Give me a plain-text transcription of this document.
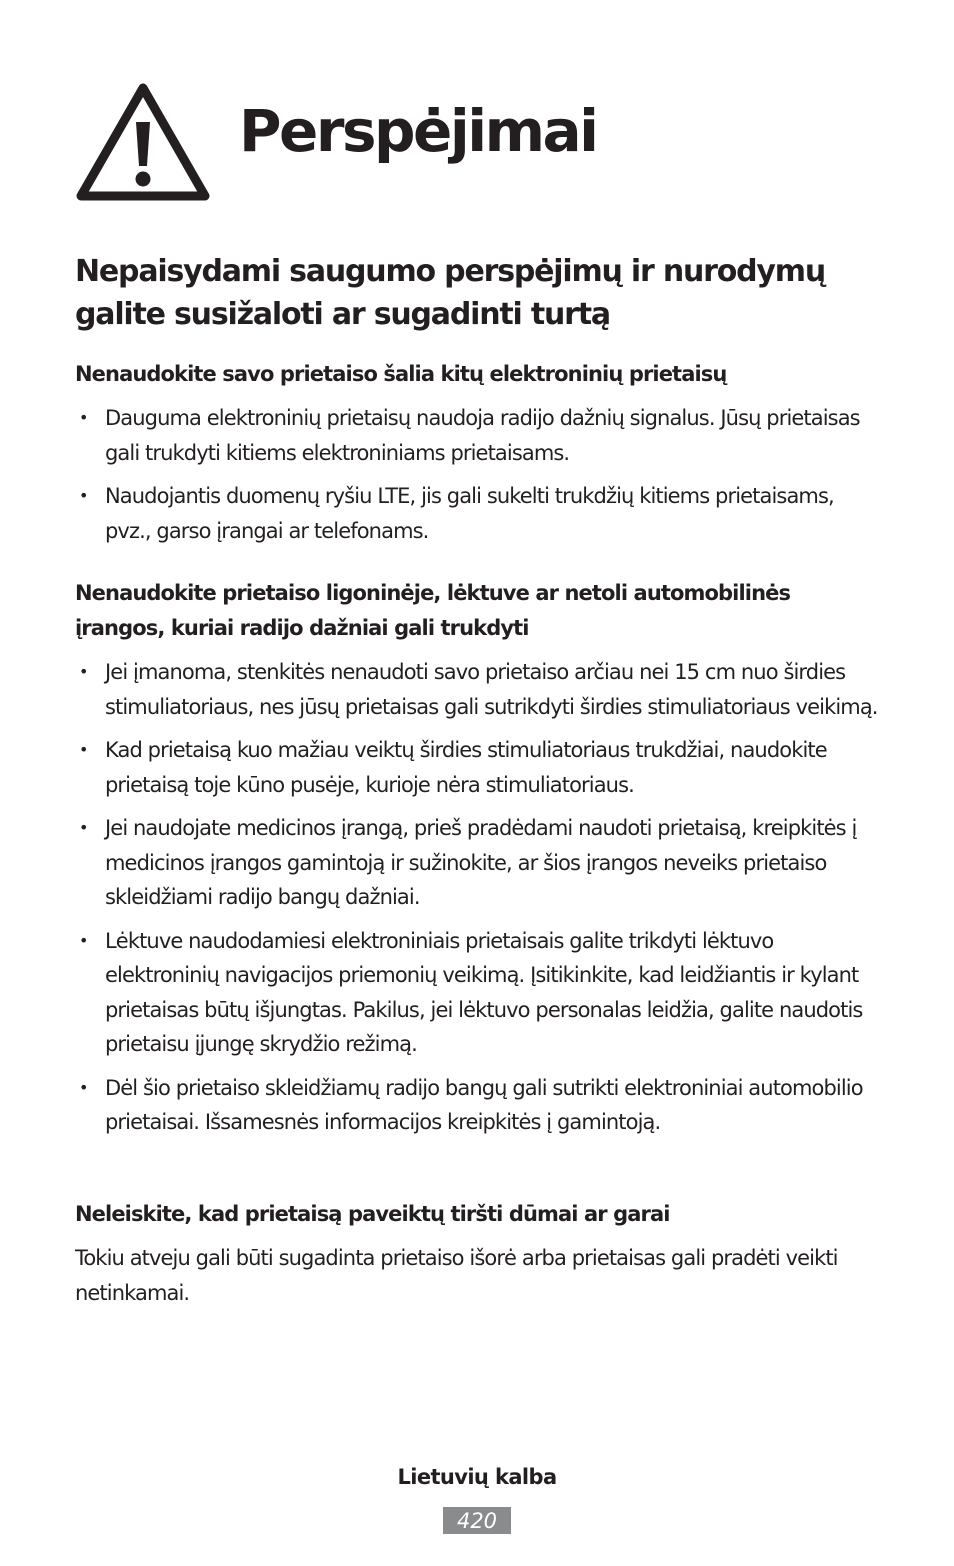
Perspėjimai
Nepaisydami saugumo perspėjimų ir nurodymų galite susižaloti ar sugadinti turtą
Nenaudokite savo prietaiso šalia kitų elektroninių prietaisų
• Dauguma elektroninių prietaisų naudoja radijo dažnių signalus. Jūsų prietaisas gali trukdyti kitiems elektroniniams prietaisams.
• Naudojantis duomenų ryšiu LTE, jis gali sukelti trukdžių kitiems prietaisams, pvz., garso įrangai ar telefonams.
Nenaudokite prietaiso ligoninėje, lėktuve ar netoli automobilinės įrangos, kuriai radijo dažniai gali trukdyti
• Jei įmanoma, stenkitės nenaudoti savo prietaiso arčiau nei 15 cm nuo širdies stimuliatoriaus, nes jūsų prietaisas gali sutrikdyti širdies stimuliatoriaus veikimą.
• Kad prietaisą kuo mažiau veiktų širdies stimuliatoriaus trukdžiai, naudokite prietaisą toje kūno pusėje, kurioje nėra stimuliatoriaus.
• Jei naudojate medicinos įrangą, prieš pradėdami naudoti prietaisą, kreipkitės į medicinos įrangos gamintoją ir sužinokite, ar šios įrangos neveiks prietaiso skleidžiami radijo bangų dažniai.
• Lėktuve naudodamiesi elektroniniais prietaisais galite trikdyti lėktuvo elektroninių navigacijos priemonių veikimą. Įsitikinkite, kad leidžiantis ir kylant prietaisas būtų išjungtas. Pakilus, jei lėktuvo personalas leidžia, galite naudotis prietaisu įjungę skrydžio režimą.
• Dėl šio prietaiso skleidžiamų radijo bangų gali sutrikti elektroniniai automobilio prietaisai. Išsamesnės informacijos kreipkitės į gamintoją.
Neleiskite, kad prietaisą paveiktų tiršti dūmai ar garai

Tokiu atveju gali būti sugadinta prietaiso išorė arba prietaisas gali pradėti veikti netinkamai.

Lietuvių kalba
420
